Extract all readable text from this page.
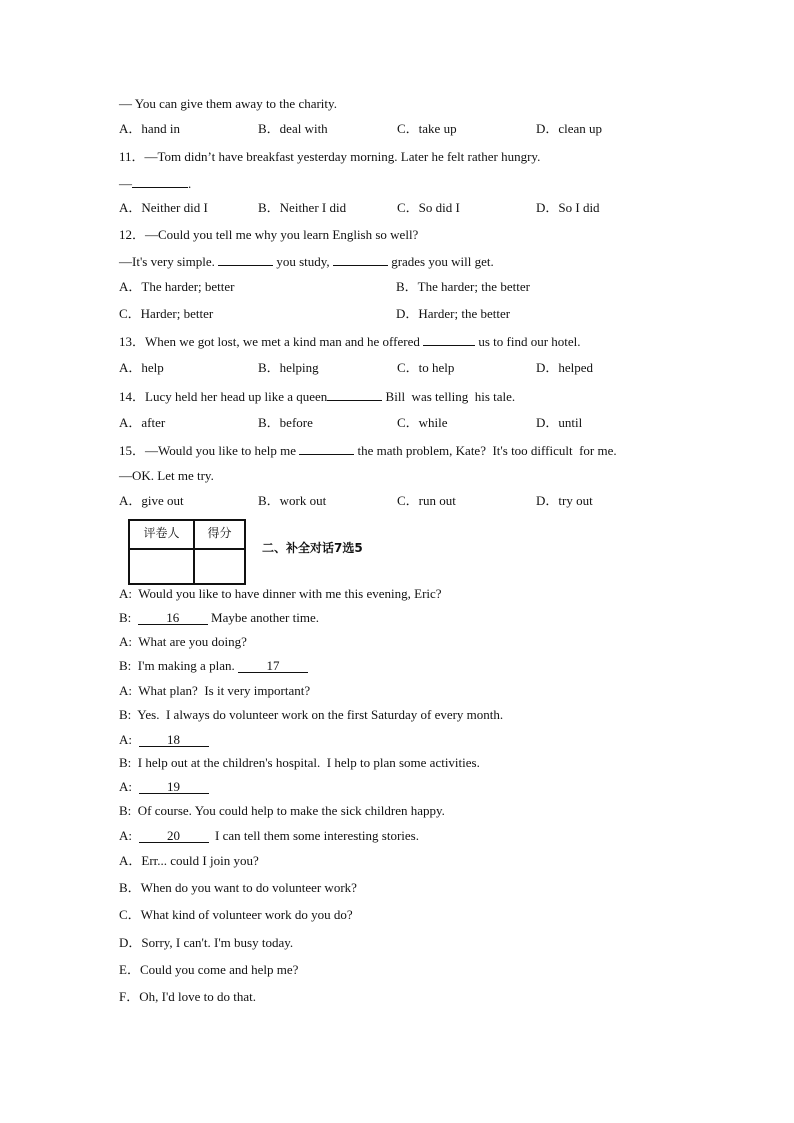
— You can give them away to the charity.
A．hand in	B．deal with	C．take up	D．clean up
11．—Tom didn’t have breakfast yesterday morning. Later he felt rather hungry.
—	.
A．Neither did I	B．Neither I did	C．So did I	D．So I did
12．—Could you tell me why you learn English so well?
—It's very simple.	you study,	grades you will get.
A．The harder; better	B．The harder; the better
C．Harder; better	D．Harder; the better
13．When we got lost, we met a kind man and he offered	us to find our hotel.
A．help	B．helping	C．to help	D．helped
14．Lucy held her head up like a queen	Bill  was telling  his tale.
A．after	B．before	C．while	D．until
15．—Would you like to help me	the math problem, Kate?  It's too difficult  for me.
—OK. Let me try.
A．give out	B．work out	C．run out	D．try out
评卷人	得分
二、补全对话7选5
A:  Would you like to have dinner with me this evening, Eric?
B:  16 Maybe another time.
A:  What are you doing?
B:  I'm making a plan. 17
A:  What plan?  Is it very important?
B:  Yes.  I always do volunteer work on the first Saturday of every month.
A:  18
B:  I help out at the children's hospital.  I help to plan some activities.
A:  19
B:  Of course. You could help to make the sick children happy.
A:  20  I can tell them some interesting stories.
A．Err... could I join you?
B．When do you want to do volunteer work?
C．What kind of volunteer work do you do?
D．Sorry, I can't. I'm busy today.
E．Could you come and help me?
F．Oh, I'd love to do that.
